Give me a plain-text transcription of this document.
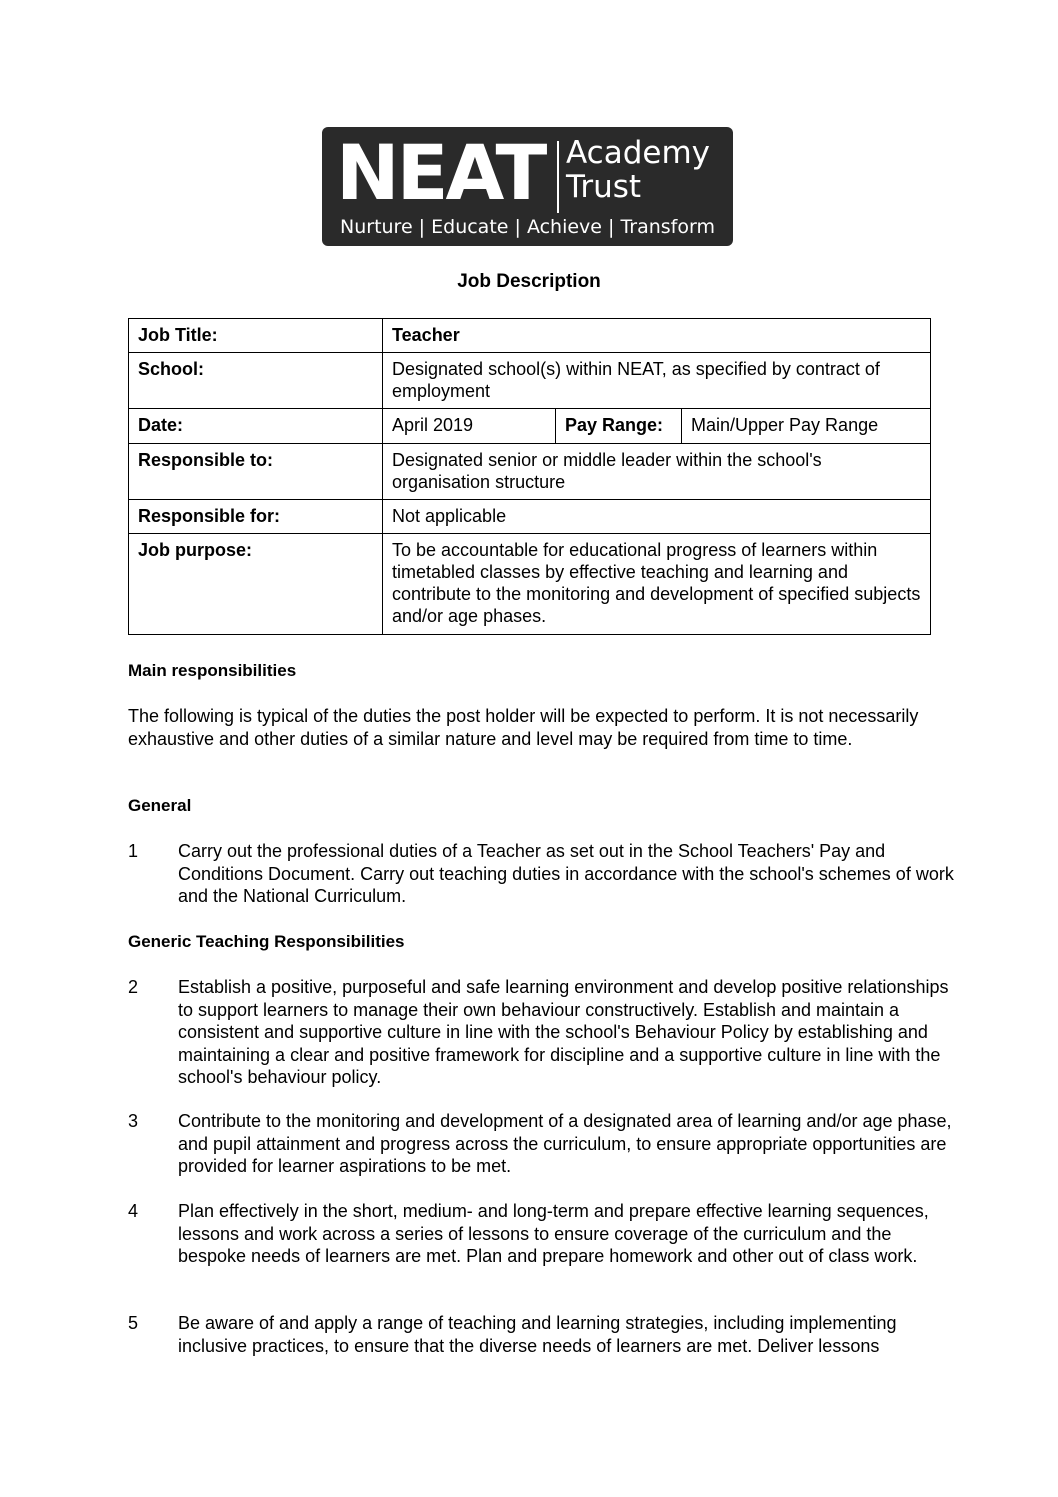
NEAT Academy
Trust
Nurture | Educate | Achieve | Transform
Job Description
Job Title:	Teacher		
School:	Designated school(s) within NEAT, as specified by contract of employment		
Date:	April 2019	Pay Range:	Main/Upper Pay Range
Responsible to:	Designated senior or middle leader within the school's organisation structure		
Responsible for:	Not applicable		
Job purpose:	To be accountable for educational progress of learners within timetabled classes by effective teaching and learning and contribute to the monitoring and development of specified subjects and/or age phases.		
Main responsibilities
The following is typical of the duties the post holder will be expected to perform. It is not necessarily exhaustive and other duties of a similar nature and level may be required from time to time.
General
1 Carry out the professional duties of a Teacher as set out in the School Teachers' Pay and Conditions Document. Carry out teaching duties in accordance with the school's schemes of work and the National Curriculum.
Generic Teaching Responsibilities
2 Establish a positive, purposeful and safe learning environment and develop positive relationships to support learners to manage their own behaviour constructively. Establish and maintain a consistent and supportive culture in line with the school's Behaviour Policy by establishing and maintaining a clear and positive framework for discipline and a supportive culture in line with the school's behaviour policy.
3 Contribute to the monitoring and development of a designated area of learning and/or age phase, and pupil attainment and progress across the curriculum, to ensure appropriate opportunities are provided for learner aspirations to be met.
4 Plan effectively in the short, medium- and long-term and prepare effective learning sequences, lessons and work across a series of lessons to ensure coverage of the curriculum and the bespoke needs of learners are met. Plan and prepare homework and other out of class work.
5 Be aware of and apply a range of teaching and learning strategies, including implementing inclusive practices, to ensure that the diverse needs of learners are met. Deliver lessons
